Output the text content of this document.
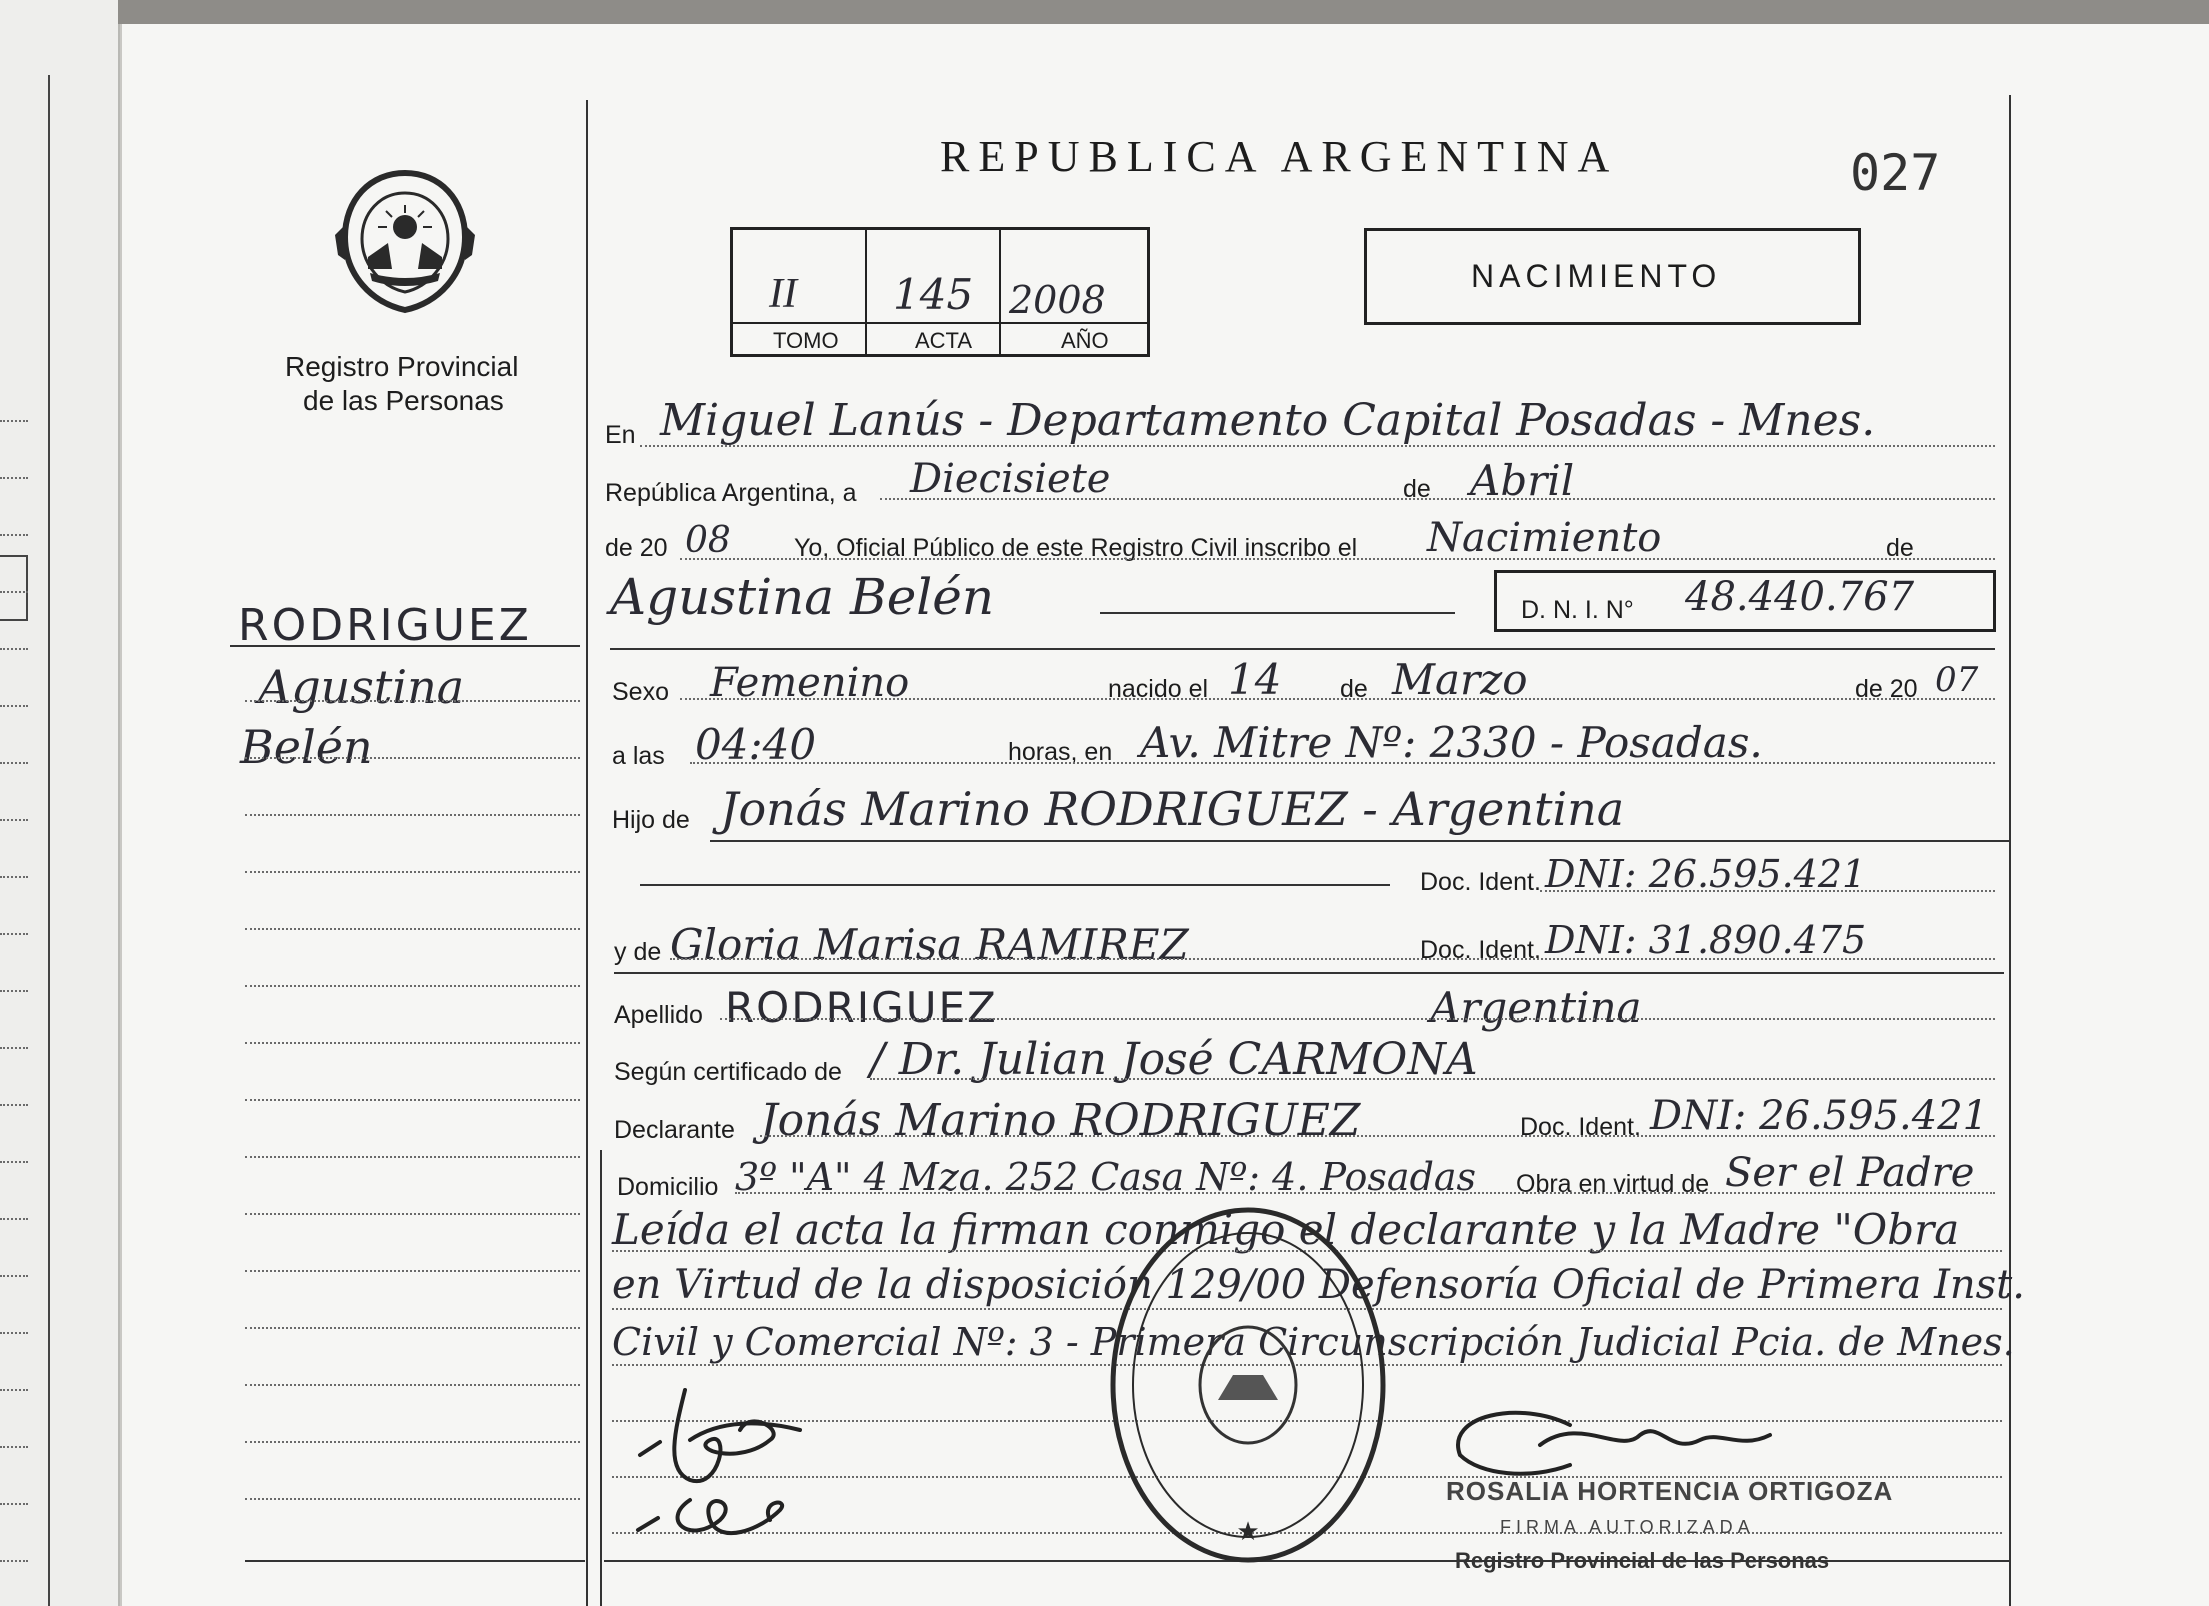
Registro Provincial
de las Personas
REPUBLICA ARGENTINA	027
II 145 2008
TOMO	ACTA	AÑO
NACIMIENTO
RODRIGUEZ
Agustina
Belén
En Miguel Lanús - Departamento Capital Posadas - Mnes.
República Argentina, a Diecisiete	de Abril
de 20 08	Yo, Oficial Público de este Registro Civil inscribo el Nacimiento	de
Agustina Belén	D. N. I. N° 48.440.767
Sexo Femenino	nacido el 14 de Marzo	de 20 07
a las 04:40	horas, en Av. Mitre Nº: 2330 - Posadas.
Hijo de Jonás Marino RODRIGUEZ - Argentina
Doc. Ident. DNI: 26.595.421
y de Gloria Marisa RAMIREZ	Doc. Ident. DNI: 31.890.475
Apellido RODRIGUEZ	Argentina
Según certificado de / Dr. Julian José CARMONA
Declarante Jonás Marino RODRIGUEZ	Doc. Ident. DNI: 26.595.421
Domicilio 3º "A" 4 Mza. 252 Casa Nº: 4. Posadas Obra en virtud de Ser el Padre
Leída el acta la firman conmigo el declarante y la Madre "Obra
en Virtud de la disposición 129/00 Defensoría Oficial de Primera Inst.
Civil y Comercial Nº: 3 - Primera Circunscripción Judicial Pcia. de Mnes.
★
ROSALIA HORTENCIA ORTIGOZA
FIRMA AUTORIZADA
Registro Provincial de las Personas
